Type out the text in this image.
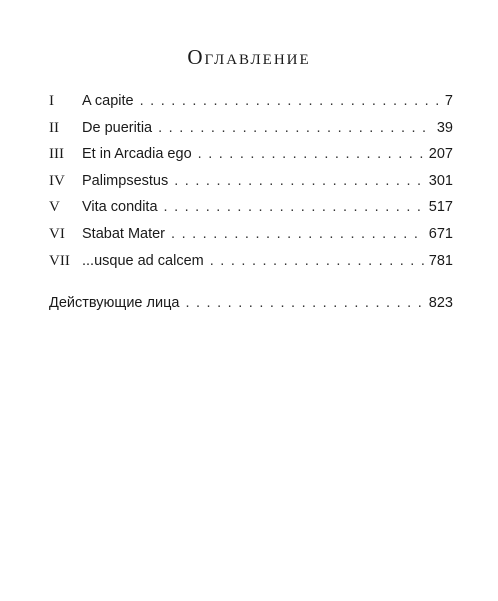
Оглавление
I	A capite . . .	7
II	De pueritia . . .	39
III	Et in Arcadia ego . . .	207
IV	Palimpsestus . . .	301
V	Vita condita . . .	517
VI	Stabat Mater . . .	671
VII ...usque ad calcem . . .	781
Действующие лица . . .	823
